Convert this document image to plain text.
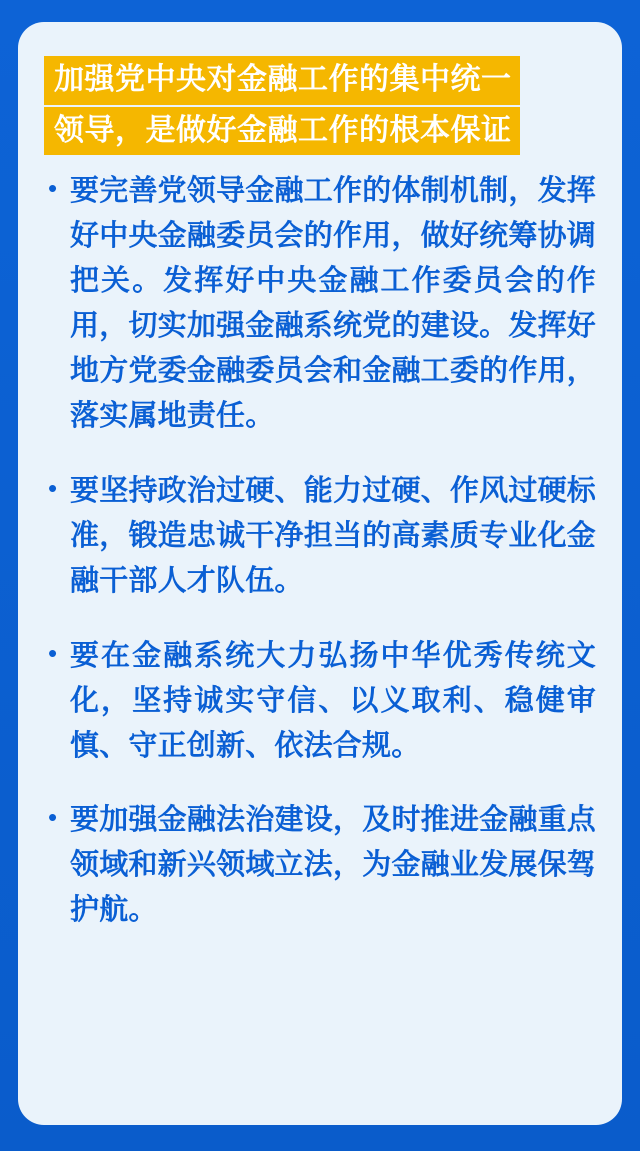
加强党中央对金融工作的集中统一
领导，是做好金融工作的根本保证
• 要完善党领导金融工作的体制机制，发挥好中央金融委员会的作用，做好统筹协调把关。发挥好中央金融工作委员会的作用，切实加强金融系统党的建设。发挥好地方党委金融委员会和金融工委的作用，落实属地责任。
• 要坚持政治过硬、能力过硬、作风过硬标准，锻造忠诚干净担当的高素质专业化金融干部人才队伍。
• 要在金融系统大力弘扬中华优秀传统文化，坚持诚实守信、以义取利、稳健审慎、守正创新、依法合规。
• 要加强金融法治建设，及时推进金融重点领域和新兴领域立法，为金融业发展保驾护航。
